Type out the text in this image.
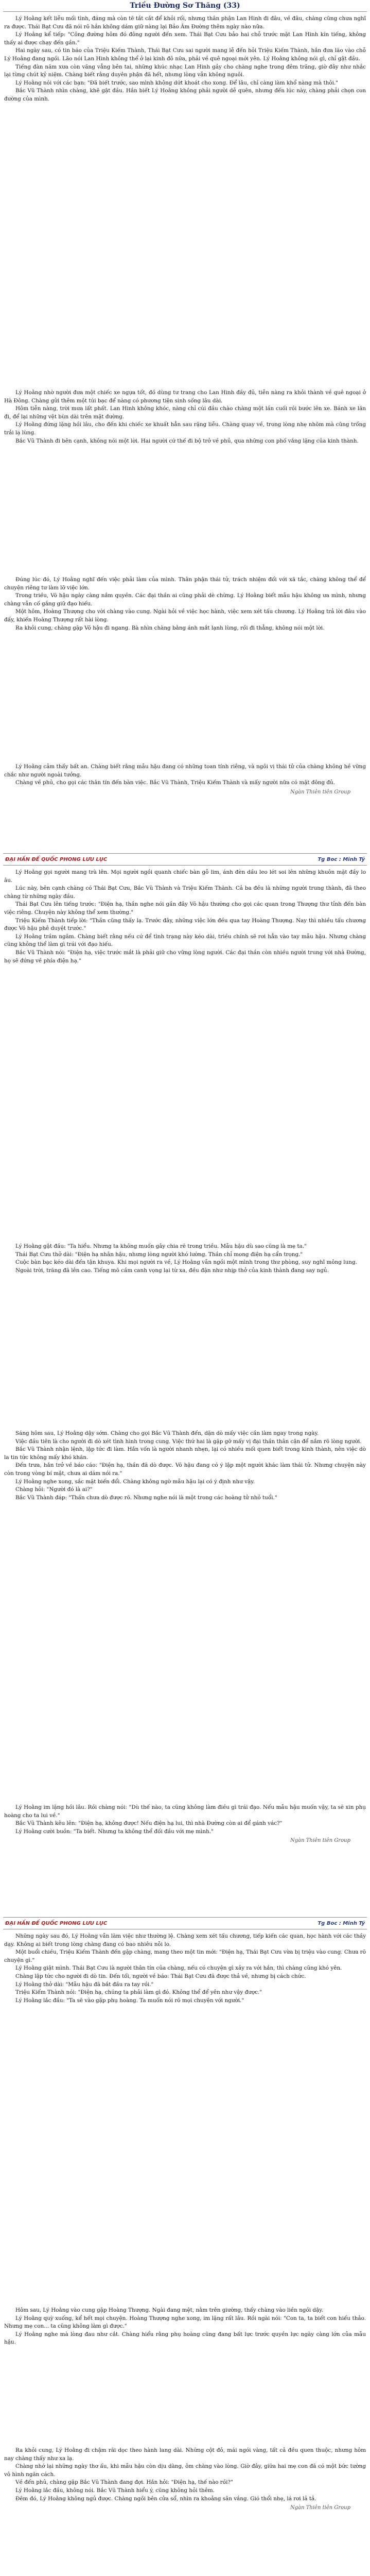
Triều Đường Sơ Thăng (33)

Lý Hoằng kết liễu mối tình, đáng mà còn tẽ tắt cắt để khỏi rối, nhưng thân phận Lan Hinh đi đâu, về đâu, chàng cũng chưa nghĩ ra được. Thái Bạt Cưu đã nói rõ hắn không dám giữ nàng lại Bảo Âm Đường thêm ngày nào nữa.

Lý Hoằng kể tiếp: "Công đường hôm đó đông người đến xem. Thái Bạt Cưu bảo hai chỗ trước mặt Lan Hinh kín tiếng, không thấy ai được chạy đến gần."

Hai ngày sau, có tin báo của Triệu Kiếm Thành, Thái Bạt Cưu sai người mang lễ đến hỏi Triệu Kiếm Thành, hắn đưa lão vào chỗ Lý Hoằng đang ngồi. Lão nói Lan Hinh không thể ở lại kinh đô nữa, phải về quê ngoại mới yên. Lý Hoằng không nói gì, chỉ gật đầu.

Tiếng đàn năm xưa còn văng vẳng bên tai, những khúc nhạc Lan Hinh gảy cho chàng nghe trong đêm trăng, giờ đây như nhắc lại từng chút kỷ niệm. Chàng biết rằng duyên phận đã hết, nhưng lòng vẫn không nguôi.

Lý Hoằng nói với các bạn: "Đã biết trước, sao mình không dứt khoát cho xong. Để lâu, chỉ càng làm khổ nàng mà thôi."

Bắc Vũ Thành nhìn chàng, khẽ gật đầu. Hắn biết Lý Hoằng không phải người dễ quên, nhưng đến lúc này, chàng phải chọn con đường của mình.

Lý Hoằng nhờ người đưa một chiếc xe ngựa tốt, đồ dùng tư trang cho Lan Hinh đầy đủ, tiễn nàng ra khỏi thành về quê ngoại ở Hà Đông. Chàng gửi thêm một túi bạc để nàng có phương tiện sinh sống lâu dài.

Hôm tiễn nàng, trời mưa lất phất. Lan Hinh không khóc, nàng chỉ cúi đầu chào chàng một lần cuối rồi bước lên xe. Bánh xe lăn đi, để lại những vệt bùn dài trên mặt đường.

Lý Hoằng đứng lặng hồi lâu, cho đến khi chiếc xe khuất hẳn sau rặng liễu. Chàng quay về, trong lòng nhẹ nhõm mà cũng trống trải lạ lùng.

Bắc Vũ Thành đi bên cạnh, không nói một lời. Hai người cứ thế đi bộ trở về phủ, qua những con phố vắng lặng của kinh thành.

Đúng lúc đó, Lý Hoằng nghĩ đến việc phải làm của mình. Thân phận thái tử, trách nhiệm đối với xã tắc, chàng không thể để chuyện riêng tư làm lỡ việc lớn.

Trong triều, Võ hậu ngày càng nắm quyền. Các đại thần ai cũng phải dè chừng. Lý Hoằng biết mẫu hậu không ưa mình, nhưng chàng vẫn cố gắng giữ đạo hiếu.

Một hôm, Hoàng Thượng cho vời chàng vào cung. Ngài hỏi về việc học hành, việc xem xét tấu chương. Lý Hoằng trả lời đâu vào đấy, khiến Hoàng Thượng rất hài lòng.

Ra khỏi cung, chàng gặp Võ hậu đi ngang. Bà nhìn chàng bằng ánh mắt lạnh lùng, rồi đi thẳng, không nói một lời.

Lý Hoằng cảm thấy bất an. Chàng biết rằng mẫu hậu đang có những toan tính riêng, và ngôi vị thái tử của chàng không hề vững chắc như người ngoài tưởng.

Chàng về phủ, cho gọi các thân tín đến bàn việc. Bắc Vũ Thành, Triệu Kiếm Thành và mấy người nữa có mặt đông đủ.

Ngàn Thiên tiên Group
ĐẠI HẦN ĐẾ QUỐC PHONG LƯU LỤC	Tg Boc : Minh Tý

Lý Hoằng gọi người mang trà lên. Mọi người ngồi quanh chiếc bàn gỗ lim, ánh đèn dầu leo lét soi lên những khuôn mặt đầy lo âu.

Lúc này, bên cạnh chàng có Thái Bạt Cưu, Bắc Vũ Thành và Triệu Kiếm Thành. Cả ba đều là những người trung thành, đã theo chàng từ những ngày đầu.

Thái Bạt Cưu lên tiếng trước: "Điện hạ, thần nghe nói gần đây Võ hậu thường cho gọi các quan trong Thượng thư tỉnh đến bàn việc riêng. Chuyện này không thể xem thường."

Triệu Kiếm Thành tiếp lời: "Thần cũng thấy lạ. Trước đây, những việc lớn đều qua tay Hoàng Thượng. Nay thì nhiều tấu chương được Võ hậu phê duyệt trước."

Lý Hoằng trầm ngâm. Chàng biết rằng nếu cứ để tình trạng này kéo dài, triều chính sẽ rơi hẳn vào tay mẫu hậu. Nhưng chàng cũng không thể làm gì trái với đạo hiếu.

Bắc Vũ Thành nói: "Điện hạ, việc trước mắt là phải giữ cho vững lòng người. Các đại thần còn nhiều người trung với nhà Đường, họ sẽ đứng về phía điện hạ."

Lý Hoằng gật đầu: "Ta hiểu. Nhưng ta không muốn gây chia rẽ trong triều. Mẫu hậu dù sao cũng là mẹ ta."

Thái Bạt Cưu thở dài: "Điện hạ nhân hậu, nhưng lòng người khó lường. Thần chỉ mong điện hạ cẩn trọng."

Cuộc bàn bạc kéo dài đến tận khuya. Khi mọi người ra về, Lý Hoằng vẫn ngồi một mình trong thư phòng, suy nghĩ mông lung.

Ngoài trời, trăng đã lên cao. Tiếng mõ cầm canh vọng lại từ xa, đều đặn như nhịp thở của kinh thành đang say ngủ.

Sáng hôm sau, Lý Hoằng dậy sớm. Chàng cho gọi Bắc Vũ Thành đến, dặn dò mấy việc cần làm ngay trong ngày.

Việc đầu tiên là cho người đi dò xét tình hình trong cung. Việc thứ hai là gặp gỡ mấy vị đại thần thân cận để nắm rõ lòng người.

Bắc Vũ Thành nhận lệnh, lập tức đi làm. Hắn vốn là người nhanh nhẹn, lại có nhiều mối quen biết trong kinh thành, nên việc dò la tin tức không mấy khó khăn.

Đến trưa, hắn trở về báo cáo: "Điện hạ, thần đã dò được. Võ hậu đang có ý lập một người khác làm thái tử. Nhưng chuyện này còn trong vòng bí mật, chưa ai dám nói ra."

Lý Hoằng nghe xong, sắc mặt biến đổi. Chàng không ngờ mẫu hậu lại có ý định như vậy.

Chàng hỏi: "Người đó là ai?"

Bắc Vũ Thành đáp: "Thần chưa dò được rõ. Nhưng nghe nói là một trong các hoàng tử nhỏ tuổi."

Lý Hoằng im lặng hồi lâu. Rồi chàng nói: "Dù thế nào, ta cũng không làm điều gì trái đạo. Nếu mẫu hậu muốn vậy, ta sẽ xin phụ hoàng cho ta lui về."

Bắc Vũ Thành kêu lên: "Điện hạ, không được! Nếu điện hạ lui, thì nhà Đường còn ai để gánh vác?"

Lý Hoằng cười buồn: "Ta biết. Nhưng ta không thể đối đầu với mẹ mình."

Ngàn Thiên tiên Group
ĐẠI HẦN ĐẾ QUỐC PHONG LƯU LỤC	Tg Boc : Minh Tý

Những ngày sau đó, Lý Hoằng vẫn làm việc như thường lệ. Chàng xem xét tấu chương, tiếp kiến các quan, học hành với các thầy dạy. Không ai biết trong lòng chàng đang có bao nhiêu nỗi lo.

Một buổi chiều, Triệu Kiếm Thành đến gặp chàng, mang theo một tin mới: "Điện hạ, Thái Bạt Cưu vừa bị triệu vào cung. Chưa rõ chuyện gì."

Lý Hoằng giật mình. Thái Bạt Cưu là người thân tín của chàng, nếu có chuyện gì xảy ra với hắn, thì chàng cũng khó yên.

Chàng lập tức cho người đi dò tin. Đến tối, người về báo: Thái Bạt Cưu đã được thả về, nhưng bị cách chức.

Lý Hoằng thở dài: "Mẫu hậu đã bắt đầu ra tay rồi."

Triệu Kiếm Thành nói: "Điện hạ, chúng ta phải làm gì đó. Không thể để yên như vậy được."

Lý Hoằng lắc đầu: "Ta sẽ vào gặp phụ hoàng. Ta muốn nói rõ mọi chuyện với người."

Hôm sau, Lý Hoằng vào cung gặp Hoàng Thượng. Ngài đang mệt, nằm trên giường, thấy chàng vào liền ngồi dậy.

Lý Hoằng quỳ xuống, kể hết mọi chuyện. Hoàng Thượng nghe xong, im lặng rất lâu. Rồi ngài nói: "Con ta, ta biết con hiếu thảo. Nhưng mẹ con... ta cũng không làm gì được."

Lý Hoằng nghe mà lòng đau như cắt. Chàng hiểu rằng phụ hoàng cũng đang bất lực trước quyền lực ngày càng lớn của mẫu hậu.

Ra khỏi cung, Lý Hoằng đi chậm rãi dọc theo hành lang dài. Những cột đỏ, mái ngói vàng, tất cả đều quen thuộc, nhưng hôm nay chàng thấy như xa lạ.

Chàng nhớ lại những ngày thơ ấu, khi mẫu hậu còn dịu dàng, ôm chàng vào lòng. Giờ đây, giữa hai mẹ con đã có một bức tường vô hình ngăn cách.

Về đến phủ, chàng gặp Bắc Vũ Thành đang đợi. Hắn hỏi: "Điện hạ, thế nào rồi?"

Lý Hoằng lắc đầu, không nói. Bắc Vũ Thành hiểu ý, cũng không hỏi thêm.

Đêm đó, Lý Hoằng không ngủ được. Chàng ngồi bên cửa sổ, nhìn ra khoảng sân vắng. Gió thổi nhẹ, lá rơi lả tả.

Ngàn Thiên tiên Group
